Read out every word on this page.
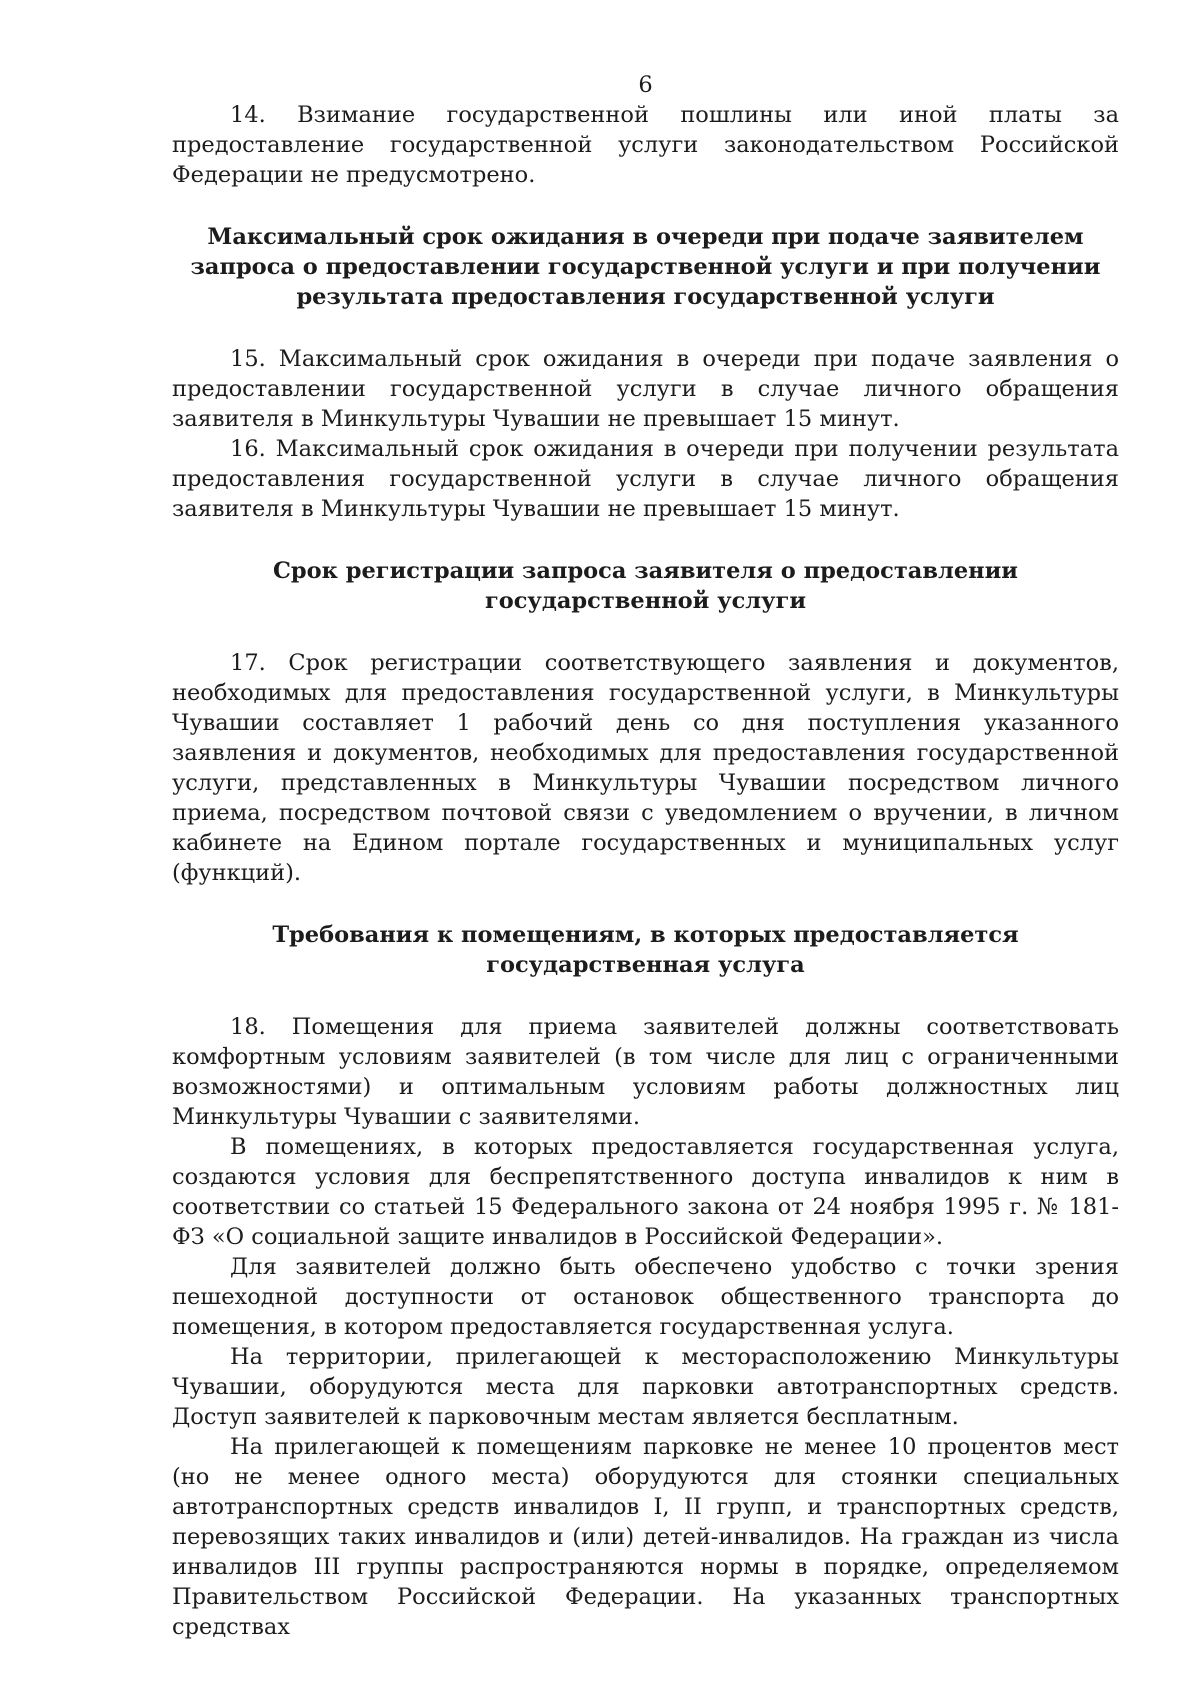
6

14. Взимание государственной пошлины или иной платы за предоставление государственной услуги законодательством Российской Федерации не предусмотрено.

Максимальный срок ожидания в очереди при подаче заявителем запроса о предоставлении государственной услуги и при получении результата предоставления государственной услуги

15. Максимальный срок ожидания в очереди при подаче заявления о предоставлении государственной услуги в случае личного обращения заявителя в Минкультуры Чувашии не превышает 15 минут.

16. Максимальный срок ожидания в очереди при получении результата предоставления государственной услуги в случае личного обращения заявителя в Минкультуры Чувашии не превышает 15 минут.

Срок регистрации запроса заявителя о предоставлении государственной услуги

17. Срок регистрации соответствующего заявления и документов, необходимых для предоставления государственной услуги, в Минкультуры Чувашии составляет 1 рабочий день со дня поступления указанного заявления и документов, необходимых для предоставления государственной услуги, представленных в Минкультуры Чувашии посредством личного приема, посредством почтовой связи с уведомлением о вручении, в личном кабинете на Едином портале государственных и муниципальных услуг (функций).

Требования к помещениям, в которых предоставляется государственная услуга

18. Помещения для приема заявителей должны соответствовать комфортным условиям заявителей (в том числе для лиц с ограниченными возможностями) и оптимальным условиям работы должностных лиц Минкультуры Чувашии с заявителями.

В помещениях, в которых предоставляется государственная услуга, создаются условия для беспрепятственного доступа инвалидов к ним в соответствии со статьей 15 Федерального закона от 24 ноября 1995 г. № 181-ФЗ «О социальной защите инвалидов в Российской Федерации».

Для заявителей должно быть обеспечено удобство с точки зрения пешеходной доступности от остановок общественного транспорта до помещения, в котором предоставляется государственная услуга.

На территории, прилегающей к месторасположению Минкультуры Чувашии, оборудуются места для парковки автотранспортных средств. Доступ заявителей к парковочным местам является бесплатным.

На прилегающей к помещениям парковке не менее 10 процентов мест (но не менее одного места) оборудуются для стоянки специальных автотранспортных средств инвалидов I, II групп, и транспортных средств, перевозящих таких инвалидов и (или) детей-инвалидов. На граждан из числа инвалидов III группы распространяются нормы в порядке, определяемом Правительством Российской Федерации. На указанных транспортных средствах
